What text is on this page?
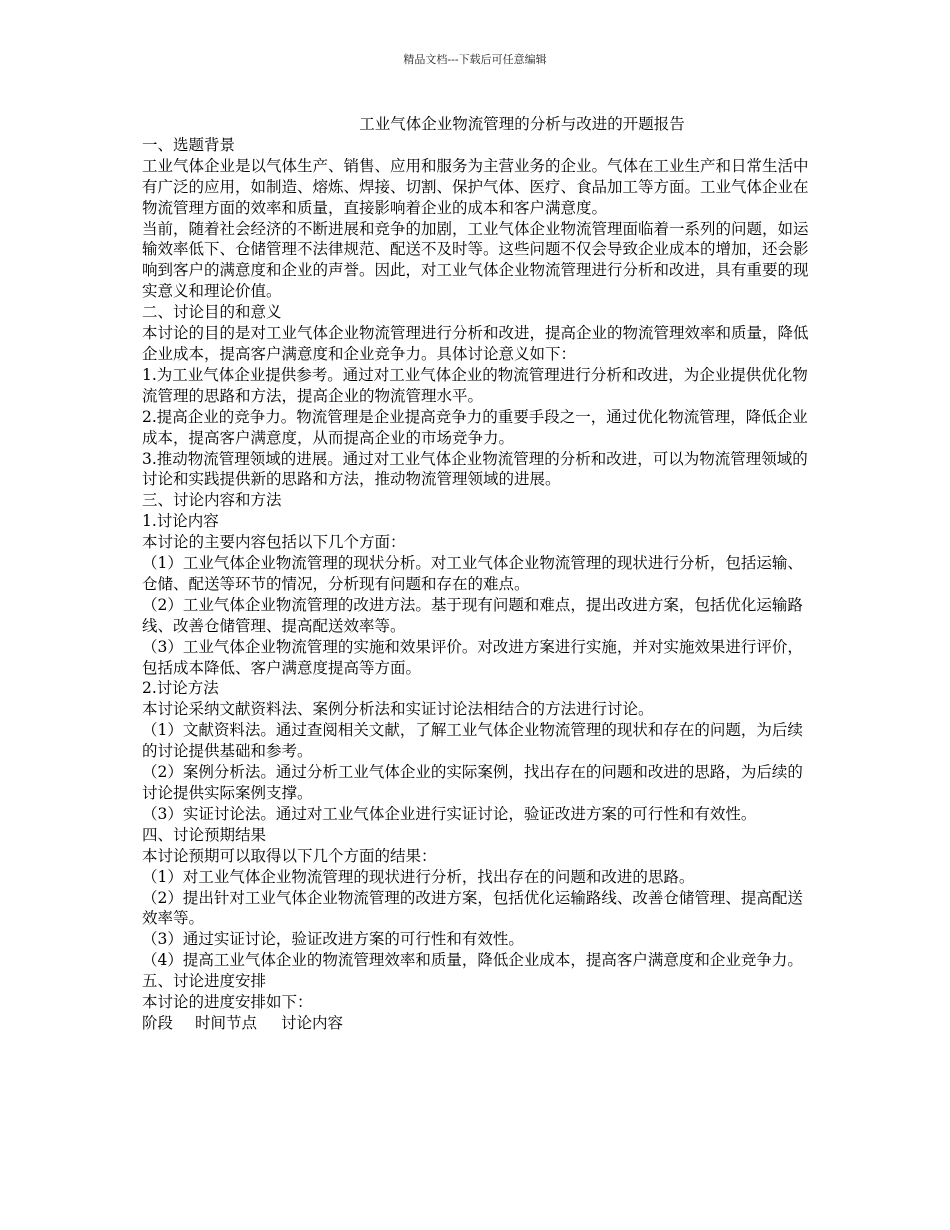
精品文档---下载后可任意编辑
工业气体企业物流管理的分析与改进的开题报告

一、选题背景

工业气体企业是以气体生产、销售、应用和服务为主营业务的企业。气体在工业生产和日常生活中有广泛的应用，如制造、熔炼、焊接、切割、保护气体、医疗、食品加工等方面。工业气体企业在物流管理方面的效率和质量，直接影响着企业的成本和客户满意度。

当前，随着社会经济的不断进展和竞争的加剧，工业气体企业物流管理面临着一系列的问题，如运输效率低下、仓储管理不法律规范、配送不及时等。这些问题不仅会导致企业成本的增加，还会影响到客户的满意度和企业的声誉。因此，对工业气体企业物流管理进行分析和改进，具有重要的现实意义和理论价值。

二、讨论目的和意义

本讨论的目的是对工业气体企业物流管理进行分析和改进，提高企业的物流管理效率和质量，降低企业成本，提高客户满意度和企业竞争力。具体讨论意义如下：

1.为工业气体企业提供参考。通过对工业气体企业的物流管理进行分析和改进，为企业提供优化物流管理的思路和方法，提高企业的物流管理水平。

2.提高企业的竞争力。物流管理是企业提高竞争力的重要手段之一，通过优化物流管理，降低企业成本，提高客户满意度，从而提高企业的市场竞争力。

3.推动物流管理领域的进展。通过对工业气体企业物流管理的分析和改进，可以为物流管理领域的讨论和实践提供新的思路和方法，推动物流管理领域的进展。

三、讨论内容和方法

1.讨论内容

本讨论的主要内容包括以下几个方面：

（1）工业气体企业物流管理的现状分析。对工业气体企业物流管理的现状进行分析，包括运输、仓储、配送等环节的情况，分析现有问题和存在的难点。

（2）工业气体企业物流管理的改进方法。基于现有问题和难点，提出改进方案，包括优化运输路线、改善仓储管理、提高配送效率等。

（3）工业气体企业物流管理的实施和效果评价。对改进方案进行实施，并对实施效果进行评价，包括成本降低、客户满意度提高等方面。

2.讨论方法

本讨论采纳文献资料法、案例分析法和实证讨论法相结合的方法进行讨论。

（1）文献资料法。通过查阅相关文献，了解工业气体企业物流管理的现状和存在的问题，为后续的讨论提供基础和参考。

（2）案例分析法。通过分析工业气体企业的实际案例，找出存在的问题和改进的思路，为后续的讨论提供实际案例支撑。

（3）实证讨论法。通过对工业气体企业进行实证讨论，验证改进方案的可行性和有效性。

四、讨论预期结果

本讨论预期可以取得以下几个方面的结果：

（1）对工业气体企业物流管理的现状进行分析，找出存在的问题和改进的思路。

（2）提出针对工业气体企业物流管理的改进方案，包括优化运输路线、改善仓储管理、提高配送效率等。

（3）通过实证讨论，验证改进方案的可行性和有效性。

（4）提高工业气体企业的物流管理效率和质量，降低企业成本，提高客户满意度和企业竞争力。

五、讨论进度安排

本讨论的进度安排如下：

阶段	时间节点	讨论内容
